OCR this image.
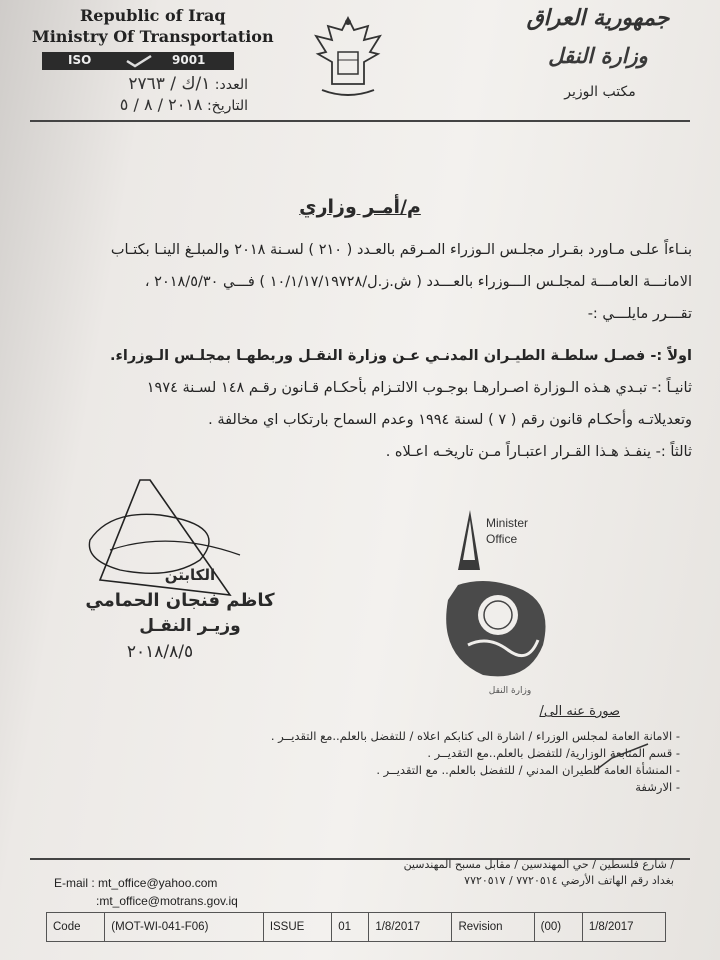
Republic of Iraq
Ministry Of Transportation
ISO	9001
العدد: ١/ك / ٢٧٦٣
التاريخ: ٢٠١٨ / ٨ / ٥
جمهورية العراق
وزارة النقل
مكتب الوزير
م/أمـر وزاري
بنـاءاً علـى مـاورد بقـرار مجلـس الـوزراء المـرقم بالعـدد ( ٢١٠ ) لسـنة ٢٠١٨ والمبلـغ الينـا بكتـاب
الامانـــة العامـــة لمجلـس الـــوزراء بالعـــدد ( ش.ز.ل/١٠/١/١٧/١٩٧٢٨ ) فـــي ٢٠١٨/٥/٣٠ ،
تقـــرر مايلـــي :-
اولاً :- فصـل سلطـة الطيـران المدنـي عـن وزارة النقـل وربطهـا بمجلـس الـوزراء.
ثانيـاً :- تبـدي هـذه الـوزارة اصـرارهـا بوجـوب الالتـزام بأحكـام قـانون رقـم ١٤٨ لسـنة ١٩٧٤
وتعديلاتـه وأحكـام قانون رقم ( ٧ ) لسنة ١٩٩٤ وعدم السماح بارتكاب اي مخالفة .
ثالثاً :- ينفـذ هـذا القـرار اعتبـاراً مـن تاريخـه اعـلاه .
الكابتن
كاظم فنجان الحمامي
وزيـر النقـل
٢٠١٨/٨/٥
Minister
Office
وزارة النقل
صورة عنه الى/
- الامانة العامة لمجلس الوزراء / اشارة الى كتابكم اعلاه / للتفضل بالعلم..مع التقديــر .
- قسم المتابعة الوزارية/ للتفضل بالعلم..مع التقديــر .
- المنشأة العامة للطيران المدني / للتفضل بالعلم.. مع التقديــر .
- الارشفة
/ شارع فلسطين / حي المهندسين / مقابل مسبح المهندسين
بغداد رقم الهاتف الأرضي ٧٧٢٠٥١٤ / ٧٧٢٠٥١٧
E-mail : mt_office@yahoo.com
:mt_office@motrans.gov.iq

Code	(MOT-WI-041-F06)	ISSUE	01	1/8/2017	Revision	(00)	1/8/2017
